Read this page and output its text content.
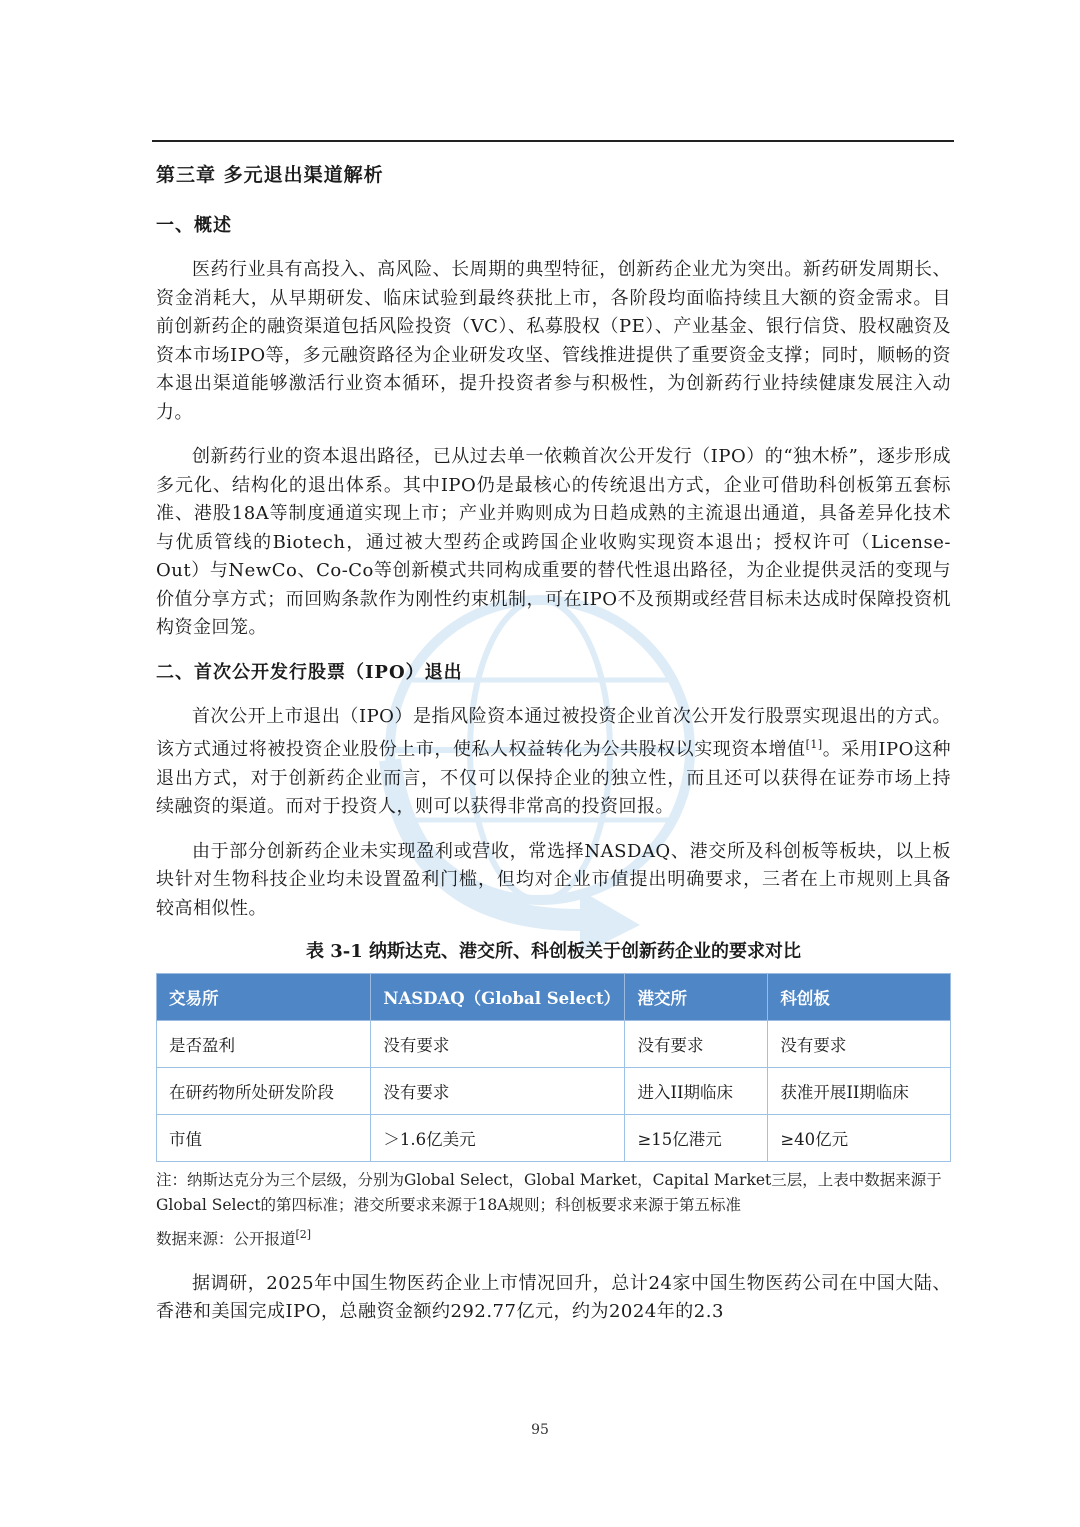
第三章 多元退出渠道解析
一、概述

医药行业具有高投入、高风险、长周期的典型特征，创新药企业尤为突出。新药研发周期长、资金消耗大，从早期研发、临床试验到最终获批上市，各阶段均面临持续且大额的资金需求。目前创新药企的融资渠道包括风险投资（VC）、私募股权（PE）、产业基金、银行信贷、股权融资及资本市场IPO等，多元融资路径为企业研发攻坚、管线推进提供了重要资金支撑；同时，顺畅的资本退出渠道能够激活行业资本循环，提升投资者参与积极性，为创新药行业持续健康发展注入动力。

创新药行业的资本退出路径，已从过去单一依赖首次公开发行（IPO）的“独木桥”，逐步形成多元化、结构化的退出体系。其中IPO仍是最核心的传统退出方式，企业可借助科创板第五套标准、港股18A等制度通道实现上市；产业并购则成为日趋成熟的主流退出通道，具备差异化技术与优质管线的Biotech，通过被大型药企或跨国企业收购实现资本退出；授权许可（License-Out）与NewCo、Co-Co等创新模式共同构成重要的替代性退出路径，为企业提供灵活的变现与价值分享方式；而回购条款作为刚性约束机制，可在IPO不及预期或经营目标未达成时保障投资机构资金回笼。

二、首次公开发行股票（IPO）退出

首次公开上市退出（IPO）是指风险资本通过被投资企业首次公开发行股票实现退出的方式。该方式通过将被投资企业股份上市，使私人权益转化为公共股权以实现资本增值[1]。采用IPO这种退出方式，对于创新药企业而言，不仅可以保持企业的独立性，而且还可以获得在证券市场上持续融资的渠道。而对于投资人，则可以获得非常高的投资回报。

由于部分创新药企业未实现盈利或营收，常选择NASDAQ、港交所及科创板等板块，以上板块针对生物科技企业均未设置盈利门槛，但均对企业市值提出明确要求，三者在上市规则上具备较高相似性。

表 3-1 纳斯达克、港交所、科创板关于创新药企业的要求对比
交易所	NASDAQ（Global Select）	港交所	科创板
是否盈利	没有要求	没有要求	没有要求
在研药物所处研发阶段	没有要求	进入II期临床	获准开展II期临床
市值	＞1.6亿美元	≥15亿港元	≥40亿元
注：纳斯达克分为三个层级，分别为Global Select，Global Market，Capital Market三层，上表中数据来源于Global Select的第四标准；港交所要求来源于18A规则；科创板要求来源于第五标准
数据来源：公开报道[2]

据调研，2025年中国生物医药企业上市情况回升，总计24家中国生物医药公司在中国大陆、香港和美国完成IPO，总融资金额约292.77亿元，约为2024年的2.3

95
